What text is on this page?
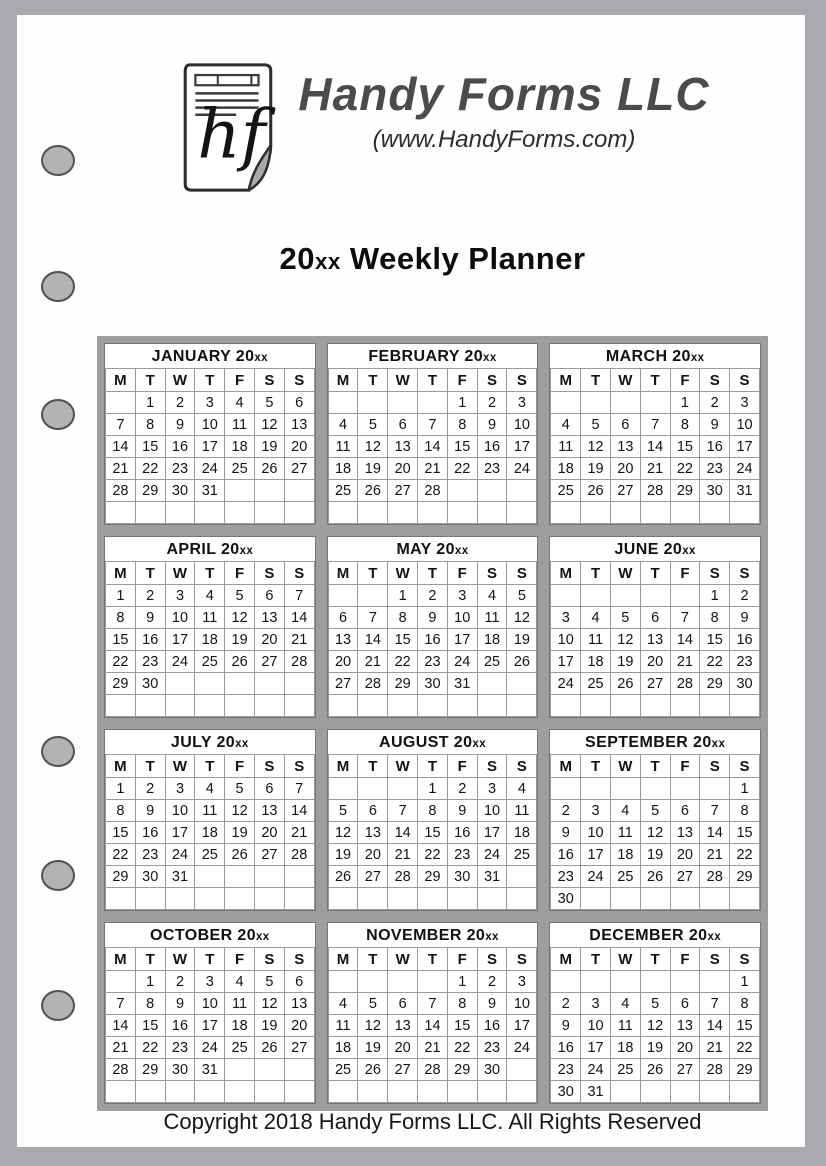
hf
Handy Forms LLC
(www.HandyForms.com)
20xx Weekly Planner
JANUARY 20xx
M	T	W	T	F	S	S
	1	2	3	4	5	6
7	8	9	10	11	12	13
14	15	16	17	18	19	20
21	22	23	24	25	26	27
28	29	30	31			

FEBRUARY 20xx
M	T	W	T	F	S	S
				1	2	3
4	5	6	7	8	9	10
11	12	13	14	15	16	17
18	19	20	21	22	23	24
25	26	27	28			

MARCH 20xx
M	T	W	T	F	S	S
				1	2	3
4	5	6	7	8	9	10
11	12	13	14	15	16	17
18	19	20	21	22	23	24
25	26	27	28	29	30	31

APRIL 20xx
M	T	W	T	F	S	S
1	2	3	4	5	6	7
8	9	10	11	12	13	14
15	16	17	18	19	20	21
22	23	24	25	26	27	28
29	30					

MAY 20xx
M	T	W	T	F	S	S
		1	2	3	4	5
6	7	8	9	10	11	12
13	14	15	16	17	18	19
20	21	22	23	24	25	26
27	28	29	30	31		

JUNE 20xx
M	T	W	T	F	S	S
					1	2
3	4	5	6	7	8	9
10	11	12	13	14	15	16
17	18	19	20	21	22	23
24	25	26	27	28	29	30

JULY 20xx
M	T	W	T	F	S	S
1	2	3	4	5	6	7
8	9	10	11	12	13	14
15	16	17	18	19	20	21
22	23	24	25	26	27	28
29	30	31				

AUGUST 20xx
M	T	W	T	F	S	S
			1	2	3	4
5	6	7	8	9	10	11
12	13	14	15	16	17	18
19	20	21	22	23	24	25
26	27	28	29	30	31	

SEPTEMBER 20xx
M	T	W	T	F	S	S
						1
2	3	4	5	6	7	8
9	10	11	12	13	14	15
16	17	18	19	20	21	22
23	24	25	26	27	28	29
30						
OCTOBER 20xx
M	T	W	T	F	S	S
	1	2	3	4	5	6
7	8	9	10	11	12	13
14	15	16	17	18	19	20
21	22	23	24	25	26	27
28	29	30	31			

NOVEMBER 20xx
M	T	W	T	F	S	S
				1	2	3
4	5	6	7	8	9	10
11	12	13	14	15	16	17
18	19	20	21	22	23	24
25	26	27	28	29	30	

DECEMBER 20xx
M	T	W	T	F	S	S
						1
2	3	4	5	6	7	8
9	10	11	12	13	14	15
16	17	18	19	20	21	22
23	24	25	26	27	28	29
30	31					
Copyright 2018 Handy Forms LLC. All Rights Reserved
